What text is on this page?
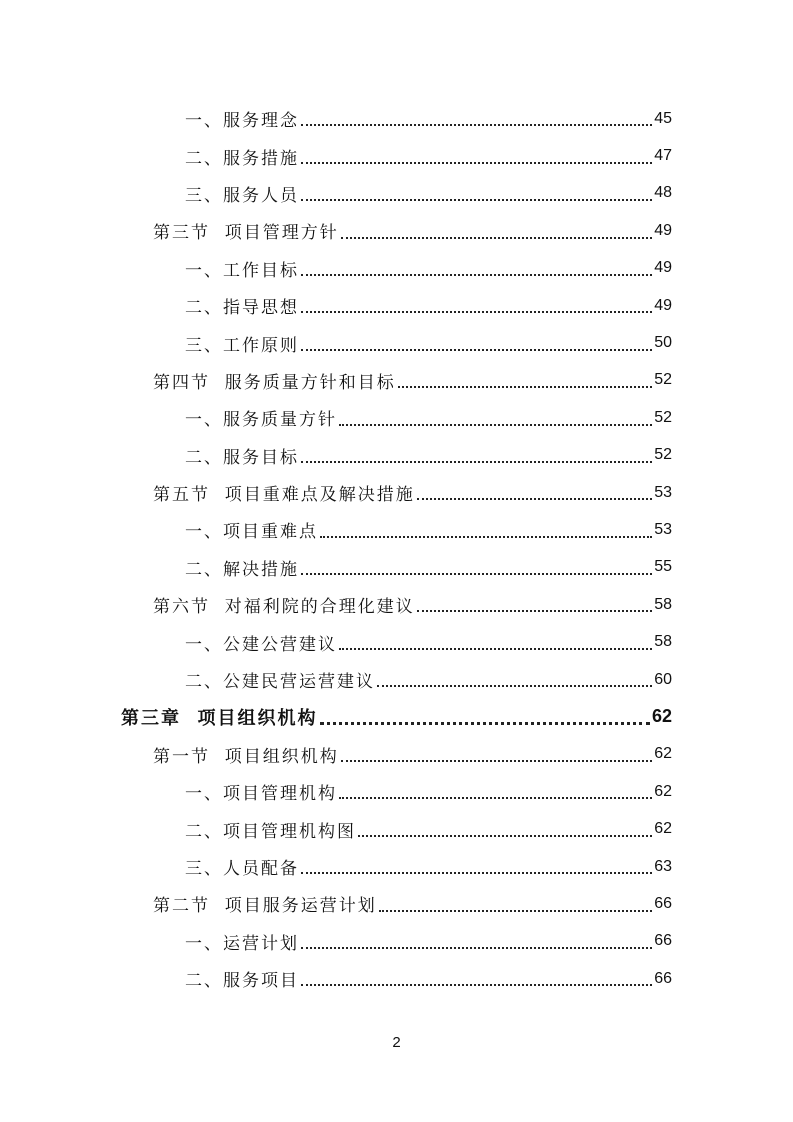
一、服务理念	45
二、服务措施	47
三、服务人员	48
第三节  项目管理方针	49
一、工作目标	49
二、指导思想	49
三、工作原则	50
第四节  服务质量方针和目标	52
一、服务质量方针	52
二、服务目标	52
第五节  项目重难点及解决措施	53
一、项目重难点	53
二、解决措施	55
第六节  对福利院的合理化建议	58
一、公建公营建议	58
二、公建民营运营建议	60
第三章  项目组织机构	62
第一节  项目组织机构	62
一、项目管理机构	62
二、项目管理机构图	62
三、人员配备	63
第二节  项目服务运营计划	66
一、运营计划	66
二、服务项目	66
2
